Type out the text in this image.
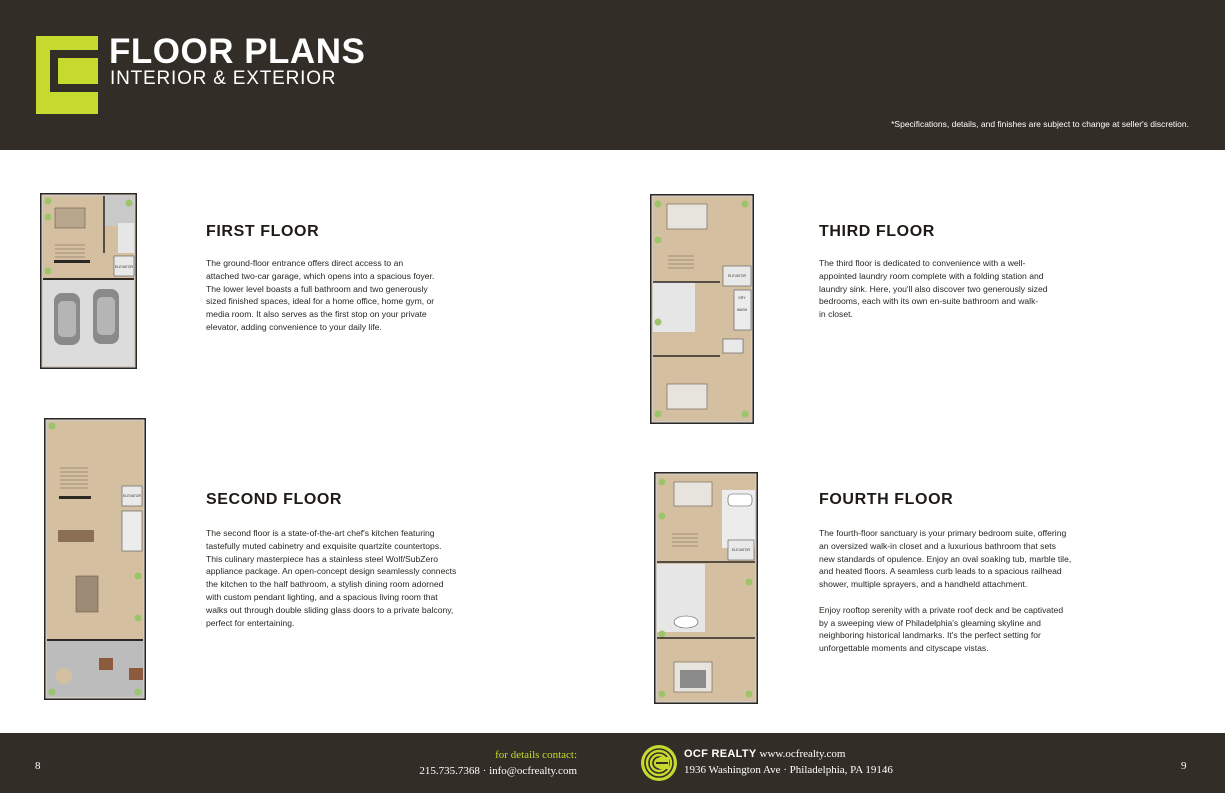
FLOOR PLANS
INTERIOR & EXTERIOR
*Specifications, details, and finishes are subject to change at seller's discretion.
ELEVATOR
ELEVATOR
ELEVATOR
DRY
WASH
ELEVATOR
FIRST FLOOR
The ground-floor entrance offers direct access to an
attached two-car garage, which opens into a spacious foyer.
The lower level boasts a full bathroom and two generously
sized finished spaces, ideal for a home office, home gym, or
media room. It also serves as the first stop on your private
elevator, adding convenience to your daily life.
SECOND FLOOR
The second floor is a state-of-the-art chef's kitchen featuring
tastefully muted cabinetry and exquisite quartzite countertops.
This culinary masterpiece has a stainless steel Wolf/SubZero
appliance package. An open-concept design seamlessly connects
the kitchen to the half bathroom, a stylish dining room adorned
with custom pendant lighting, and a spacious living room that
walks out through double sliding glass doors to a private balcony,
perfect for entertaining.
THIRD FLOOR
The third floor is dedicated to convenience with a well-
appointed laundry room complete with a folding station and
laundry sink. Here, you'll also discover two generously sized
bedrooms, each with its own en-suite bathroom and walk-
in closet.
FOURTH FLOOR
The fourth-floor sanctuary is your primary bedroom suite, offering
an oversized walk-in closet and a luxurious bathroom that sets
new standards of opulence. Enjoy an oval soaking tub, marble tile,
and heated floors. A seamless curb leads to a spacious railhead
shower, multiple sprayers, and a handheld attachment.

Enjoy rooftop serenity with a private roof deck and be captivated
by a sweeping view of Philadelphia's gleaming skyline and
neighboring historical landmarks. It's the perfect setting for
unforgettable moments and cityscape vistas.
8
for details contact:
215.735.7368 · info@ocfrealty.com
OCF REALTY www.ocfrealty.com
1936 Washington Ave · Philadelphia, PA 19146	9
